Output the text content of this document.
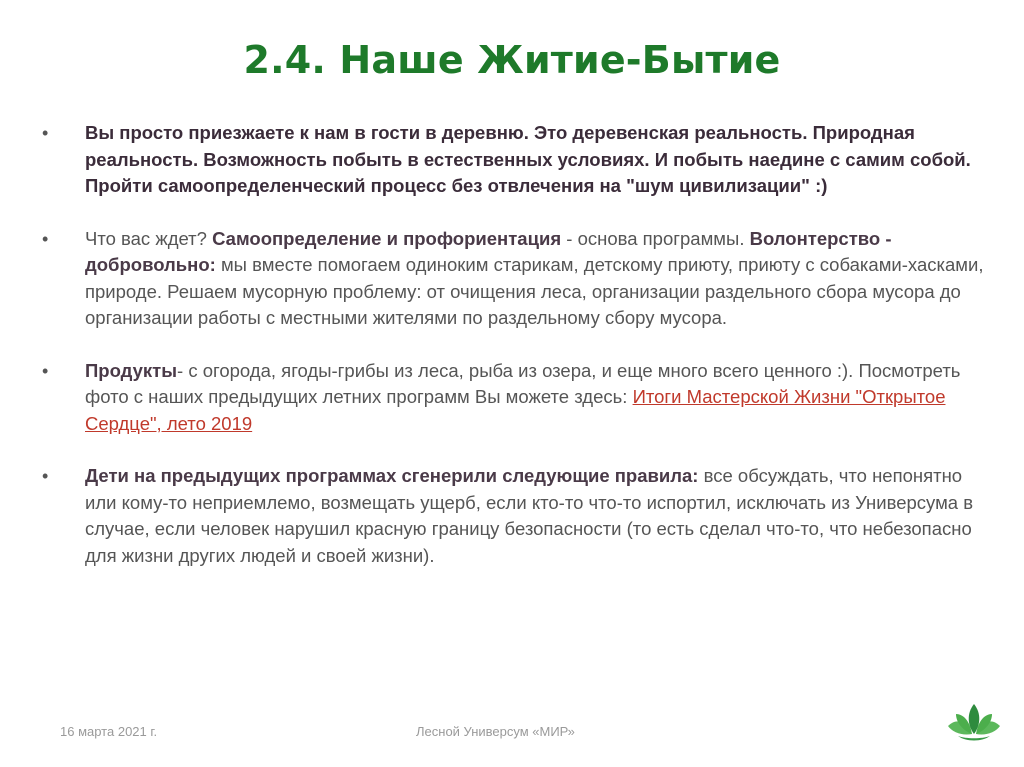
2.4. Наше Житие-Бытие
• Вы просто приезжаете к нам в гости в деревню. Это деревенская реальность. Природная реальность. Возможность побыть в естественных условиях. И побыть наедине с самим собой. Пройти самоопределенческий процесс без отвлечения на "шум цивилизации" :)
• Что вас ждет? Самоопределение и профориентация - основа программы. Волонтерство - добровольно: мы вместе помогаем одиноким старикам, детскому приюту, приюту с собаками-хасками, природе. Решаем мусорную проблему: от очищения леса, организации раздельного сбора мусора до организации работы с местными жителями по раздельному сбору мусора.
• Продукты- с огорода, ягоды-грибы из леса, рыба из озера, и еще много всего ценного :). Посмотреть фото с наших предыдущих летних программ Вы можете здесь: Итоги Мастерской Жизни "Открытое Сердце", лето 2019
• Дети на предыдущих программах сгенерили следующие правила: все обсуждать, что непонятно или кому-то неприемлемо, возмещать ущерб, если кто-то что-то испортил, исключать из Универсума в случае, если человек нарушил красную границу безопасности (то есть сделал что-то, что небезопасно для жизни других людей и своей жизни).
16 марта 2021 г.	Лесной Универсум «МИР»
